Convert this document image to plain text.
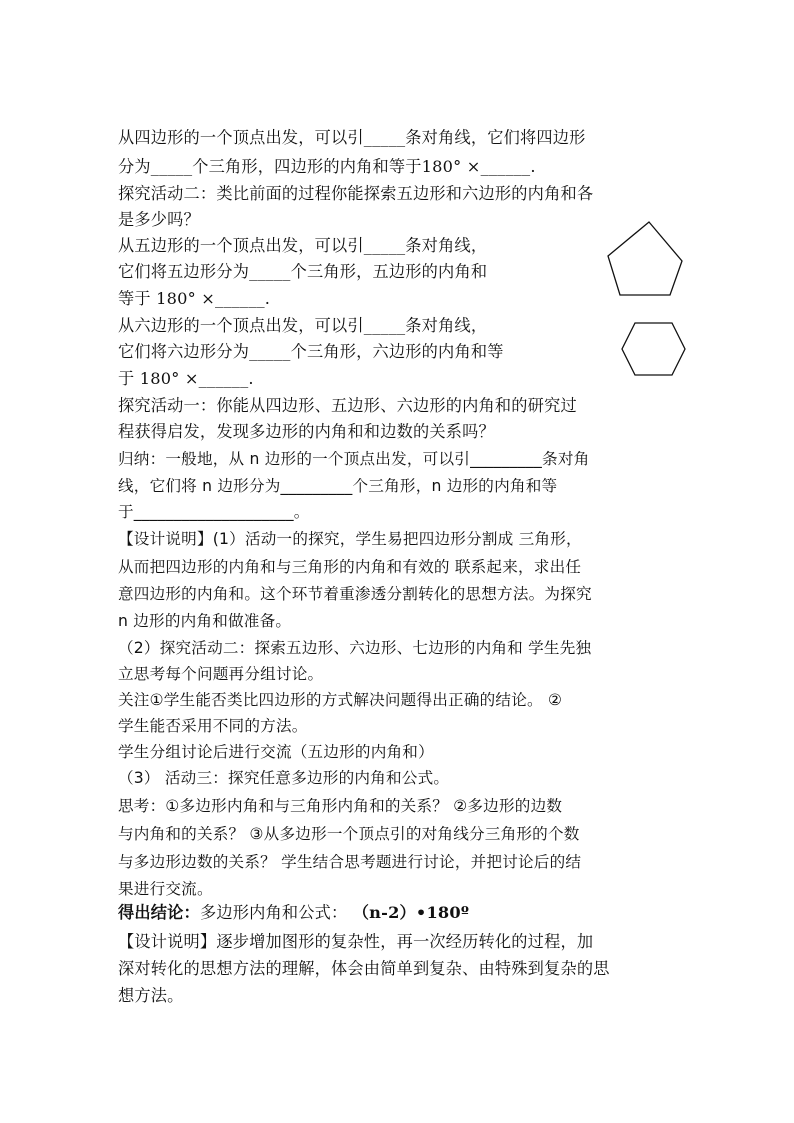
从四边形的一个顶点出发，可以引_____条对角线，它们将四边形
分为_____个三角形，四边形的内角和等于180° ×______.
探究活动二：类比前面的过程你能探索五边形和六边形的内角和各
是多少吗？
从五边形的一个顶点出发，可以引_____条对角线，
它们将五边形分为_____个三角形，五边形的内角和
等于 180° ×______.
从六边形的一个顶点出发，可以引_____条对角线，
它们将六边形分为_____个三角形，六边形的内角和等
于 180° ×______.
探究活动一：你能从四边形、五边形、六边形的内角和的研究过
程获得启发，发现多边形的内角和和边数的关系吗？
归纳：一般地，从 n 边形的一个顶点出发，可以引_________条对角
线，它们将 n 边形分为_________个三角形，n 边形的内角和等
于____________________。
【设计说明】(1）活动一的探究，学生易把四边形分割成 三角形，
从而把四边形的内角和与三角形的内角和有效的 联系起来，求出任
意四边形的内角和。这个环节着重渗透分割转化的思想方法。为探究
n 边形的内角和做准备。
（2）探究活动二：探索五边形、六边形、七边形的内角和 学生先独
立思考每个问题再分组讨论。
关注①学生能否类比四边形的方式解决问题得出正确的结论。 ②
学生能否采用不同的方法。
学生分组讨论后进行交流（五边形的内角和）
（3） 活动三：探究任意多边形的内角和公式。
思考：①多边形内角和与三角形内角和的关系？ ②多边形的边数
与内角和的关系？ ③从多边形一个顶点引的对角线分三角形的个数
与多边形边数的关系？ 学生结合思考题进行讨论，并把讨论后的结
果进行交流。
得出结论：多边形内角和公式： （n-2）•180º
【设计说明】逐步增加图形的复杂性，再一次经历转化的过程，加
深对转化的思想方法的理解，体会由简单到复杂、由特殊到复杂的思
想方法。
